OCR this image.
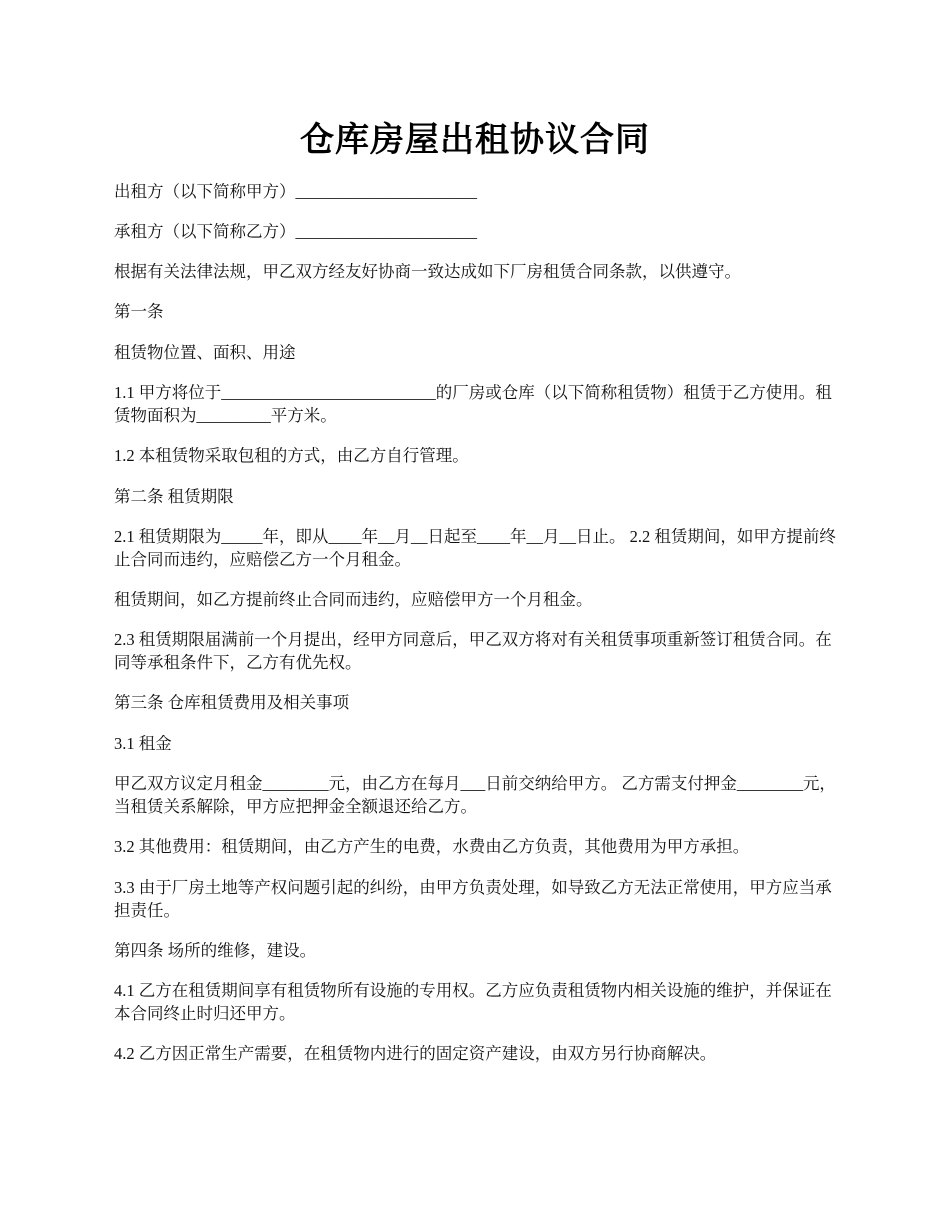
仓库房屋出租协议合同
出租方（以下简称甲方）______________________
承租方（以下简称乙方）______________________
根据有关法律法规，甲乙双方经友好协商一致达成如下厂房租赁合同条款，以供遵守。
第一条
租赁物位置、面积、用途
1.1 甲方将位于__________________________的厂房或仓库（以下简称租赁物）租赁于乙方使用。租赁物面积为_________平方米。
1.2 本租赁物采取包租的方式，由乙方自行管理。
第二条 租赁期限
2.1 租赁期限为_____年，即从____年__月__日起至____年__月__日止。 2.2 租赁期间，如甲方提前终止合同而违约，应赔偿乙方一个月租金。
租赁期间，如乙方提前终止合同而违约，应赔偿甲方一个月租金。
2.3 租赁期限届满前一个月提出，经甲方同意后，甲乙双方将对有关租赁事项重新签订租赁合同。在同等承租条件下，乙方有优先权。
第三条 仓库租赁费用及相关事项
3.1 租金
甲乙双方议定月租金________元，由乙方在每月___日前交纳给甲方。 乙方需支付押金________元，当租赁关系解除，甲方应把押金全额退还给乙方。
3.2 其他费用：租赁期间，由乙方产生的电费，水费由乙方负责，其他费用为甲方承担。
3.3 由于厂房土地等产权问题引起的纠纷，由甲方负责处理，如导致乙方无法正常使用，甲方应当承担责任。
第四条 场所的维修，建设。
4.1 乙方在租赁期间享有租赁物所有设施的专用权。乙方应负责租赁物内相关设施的维护，并保证在本合同终止时归还甲方。
4.2 乙方因正常生产需要，在租赁物内进行的固定资产建设，由双方另行协商解决。
